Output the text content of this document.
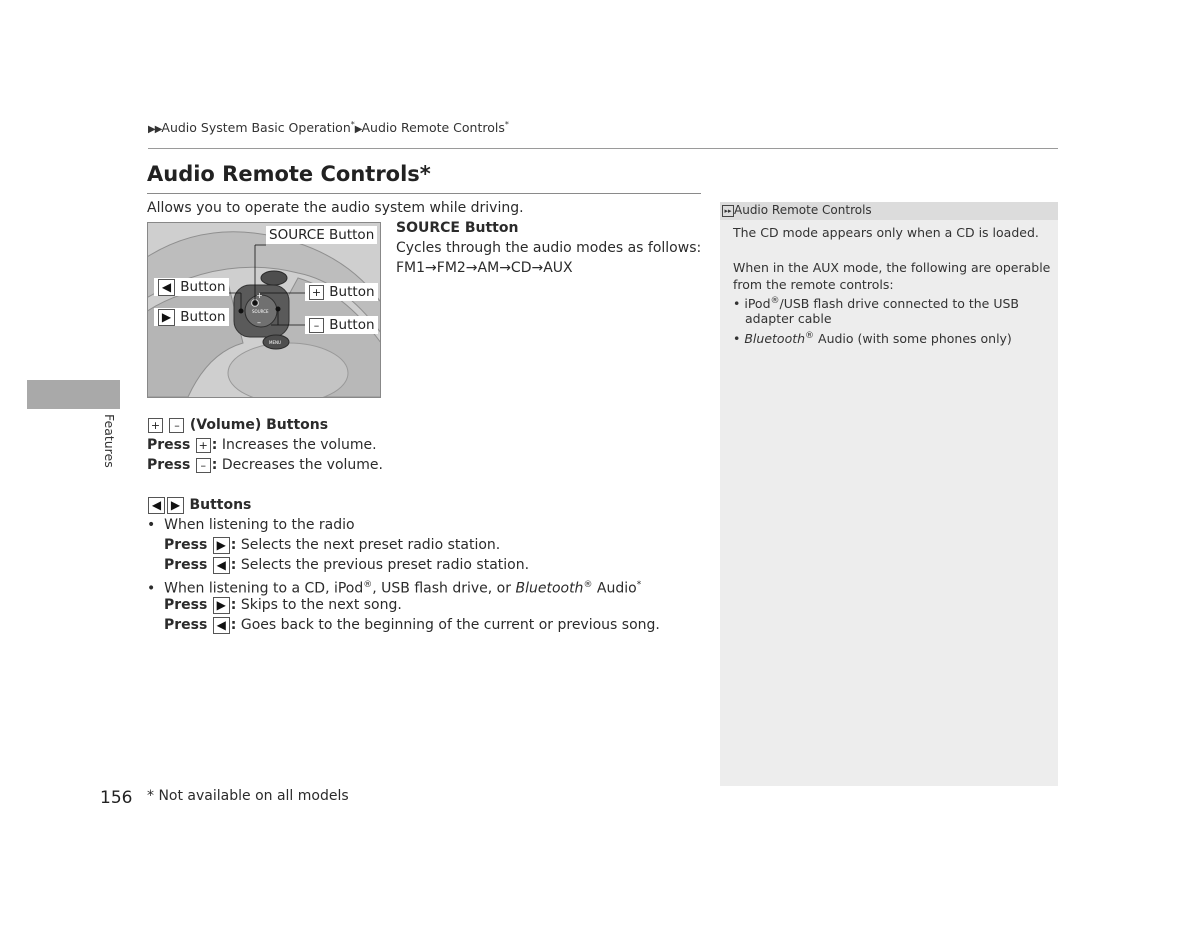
▶▶Audio System Basic Operation*▶Audio Remote Controls*
Audio Remote Controls*
Allows you to operate the audio system while driving.
+
–
SOURCE
MENU
SOURCE Button
◀ Button
▶ Button
+ Button
– Button
SOURCE Button
Cycles through the audio modes as follows:
FM1→FM2→AM→CD→AUX
+ – (Volume) Buttons
Press + : Increases the volume.
Press – : Decreases the volume.
◀ ▶ Buttons
• When listening to the radio
Press ▶ : Selects the next preset radio station.
Press ◀ : Selects the previous preset radio station.
• When listening to a CD, iPod®, USB flash drive, or Bluetooth® Audio*
Press ▶ : Skips to the next song.
Press ◀ : Goes back to the beginning of the current or previous song.
▸▸ Audio Remote Controls
The CD mode appears only when a CD is loaded.
When in the AUX mode, the following are operable
from the remote controls:
• iPod®/USB flash drive connected to the USB
adapter cable
• Bluetooth® Audio (with some phones only)
Features
156 * Not available on all models
